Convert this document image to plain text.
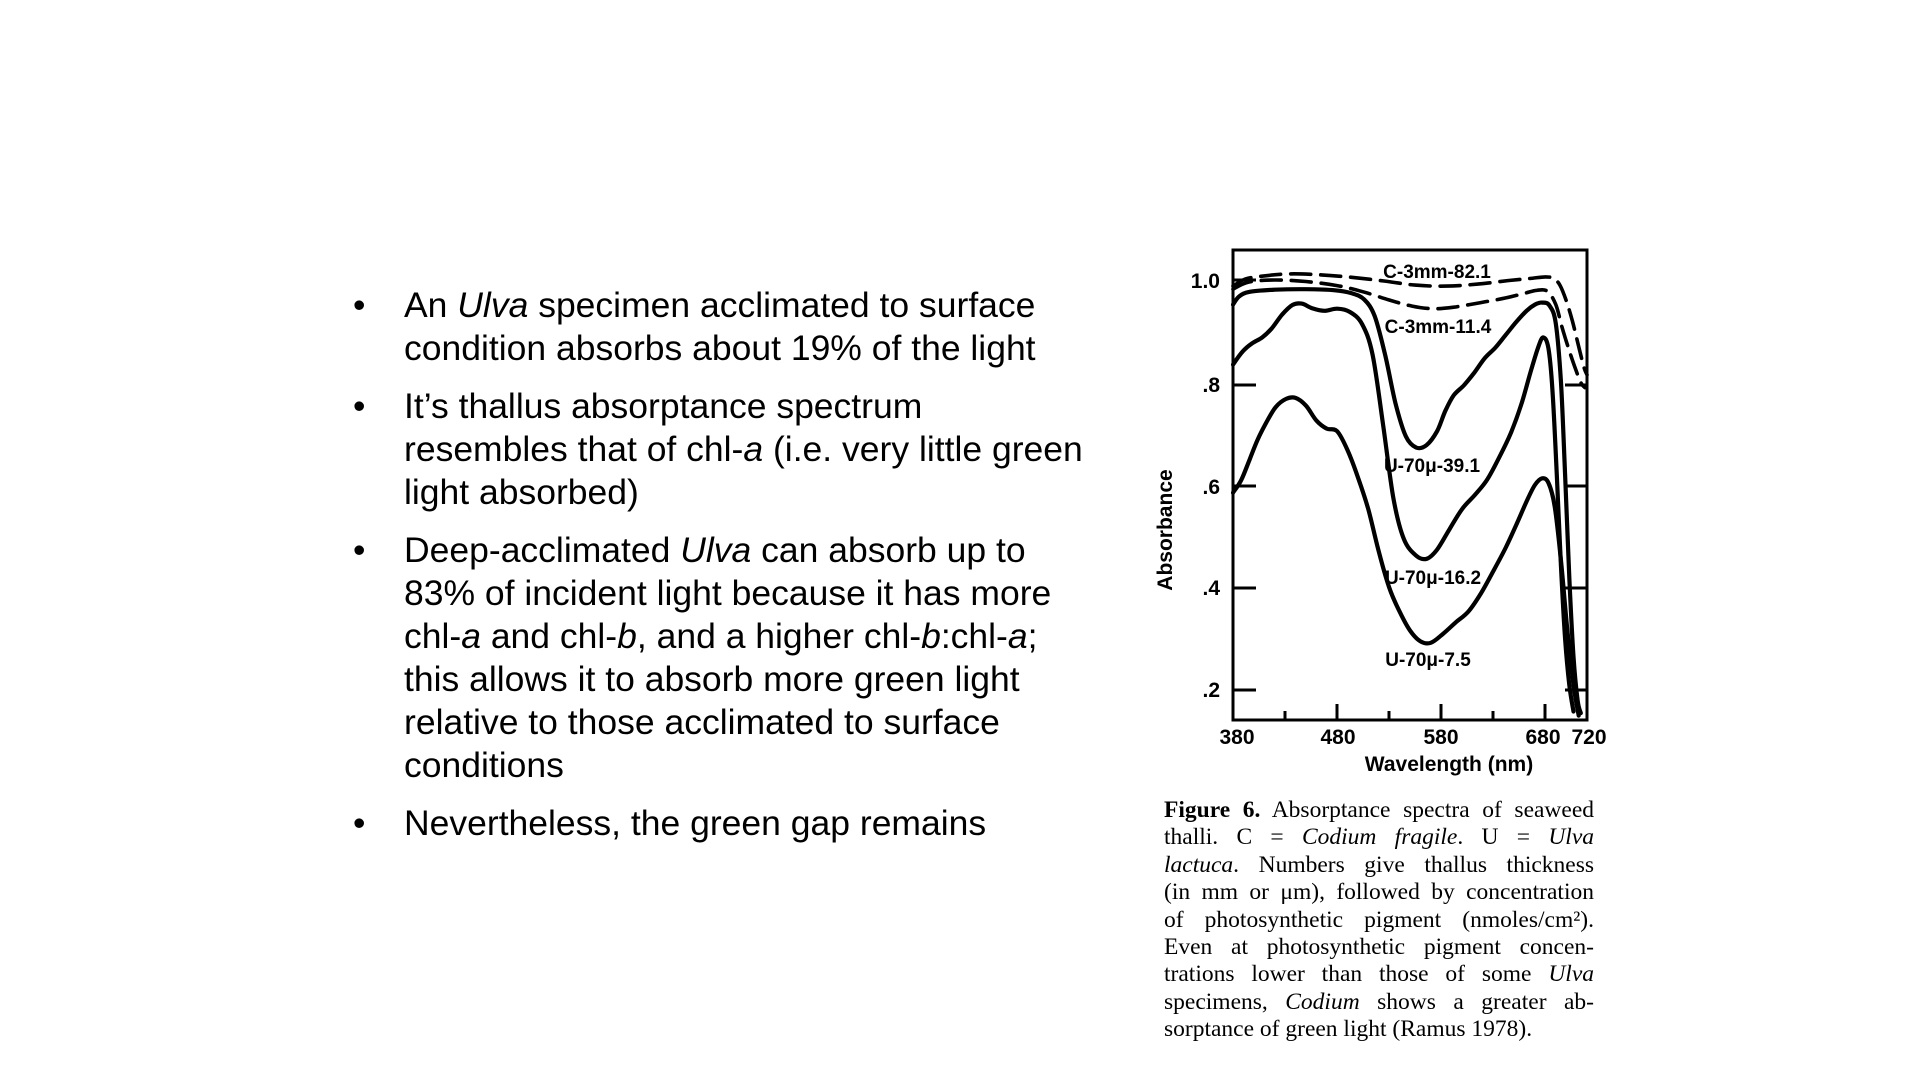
• An Ulva specimen acclimated to surface condition absorbs about 19% of the light
• It’s thallus absorptance spectrum resembles that of chl-a (i.e. very little green light absorbed)
• Deep-acclimated Ulva can absorb up to 83% of incident light because it has more chl-a and chl-b, and a higher chl-b:chl-a; this allows it to absorb more green light relative to those acclimated to surface conditions
• Nevertheless, the green gap remains
1.0
.8
.6
.4
.2
380	480	580	680 720
Wavelength (nm)
Absorbance
C-3mm-82.1
C-3mm-11.4
U-70μ-39.1
U-70μ-16.2
U-70μ-7.5
Figure 6. Absorptance spectra of seaweed
thalli. C = Codium fragile. U = Ulva
lactuca. Numbers give thallus thickness
(in mm or μm), followed by concentration
of photosynthetic pigment (nmoles/cm²).
Even at photosynthetic pigment concen-
trations lower than those of some Ulva
specimens, Codium shows a greater ab-
sorptance of green light (Ramus 1978).
